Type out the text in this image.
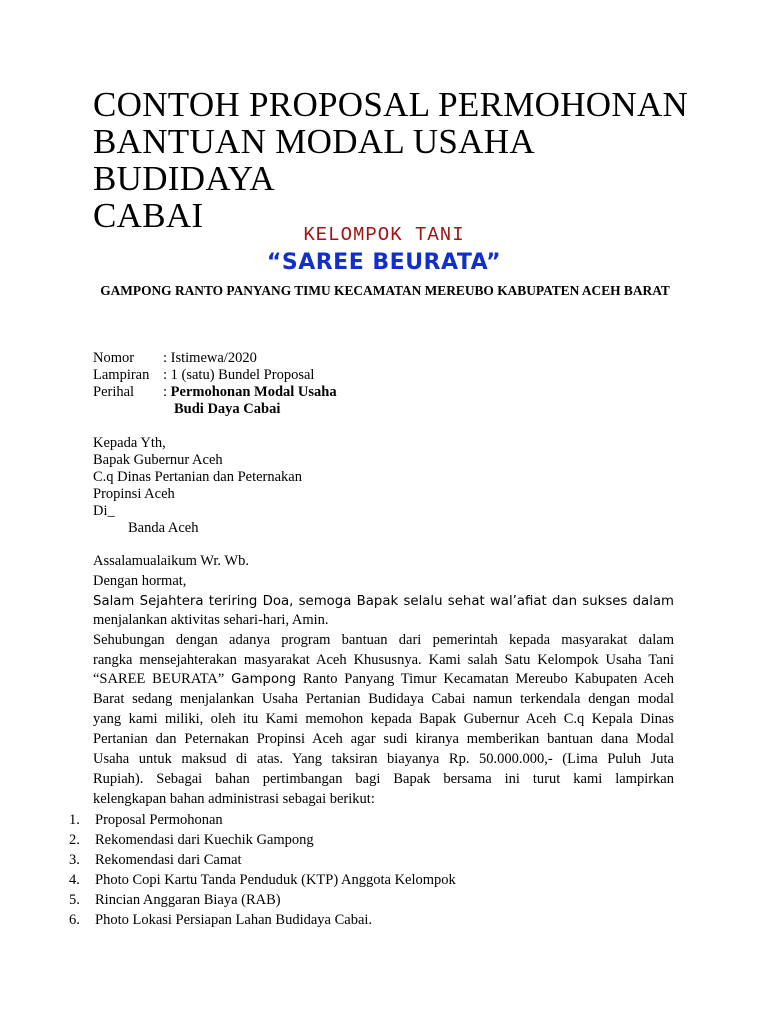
CONTOH PROPOSAL PERMOHONAN
BANTUAN MODAL USAHA BUDIDAYA
CABAI	KELOMPOK TANI
“SAREE BEURATA”
GAMPONG RANTO PANYANG TIMU KECAMATAN MEREUBO KABUPATEN ACEH BARAT
Nomor : Istimewa/2020
Lampiran : 1 (satu) Bundel Proposal
Perihal : Permohonan Modal Usaha
Budi Daya Cabai
Kepada Yth,
Bapak Gubernur Aceh
C.q Dinas Pertanian dan Peternakan
Propinsi Aceh
Di_
Banda Aceh
Assalamualaikum Wr. Wb.
Dengan hormat,
Salam Sejahtera teriring Doa, semoga Bapak selalu sehat wal’afiat dan sukses dalam
menjalankan aktivitas sehari-hari, Amin.
Sehubungan dengan adanya program bantuan dari pemerintah kepada masyarakat dalam
rangka mensejahterakan masyarakat Aceh Khususnya. Kami salah Satu Kelompok Usaha Tani
“SAREE BEURATA” Gampong Ranto Panyang Timur Kecamatan Mereubo Kabupaten Aceh
Barat sedang menjalankan Usaha Pertanian Budidaya Cabai namun terkendala dengan modal
yang kami miliki, oleh itu Kami memohon kepada Bapak Gubernur Aceh C.q Kepala Dinas
Pertanian dan Peternakan Propinsi Aceh agar sudi kiranya memberikan bantuan dana Modal
Usaha untuk maksud di atas. Yang taksiran biayanya Rp. 50.000.000,- (Lima Puluh Juta
Rupiah). Sebagai bahan pertimbangan bagi Bapak bersama ini turut kami lampirkan
kelengkapan bahan administrasi sebagai berikut:
1. Proposal Permohonan
2. Rekomendasi dari Kuechik Gampong
3. Rekomendasi dari Camat
4. Photo Copi Kartu Tanda Penduduk (KTP) Anggota Kelompok
5. Rincian Anggaran Biaya (RAB)
6. Photo Lokasi Persiapan Lahan Budidaya Cabai.
